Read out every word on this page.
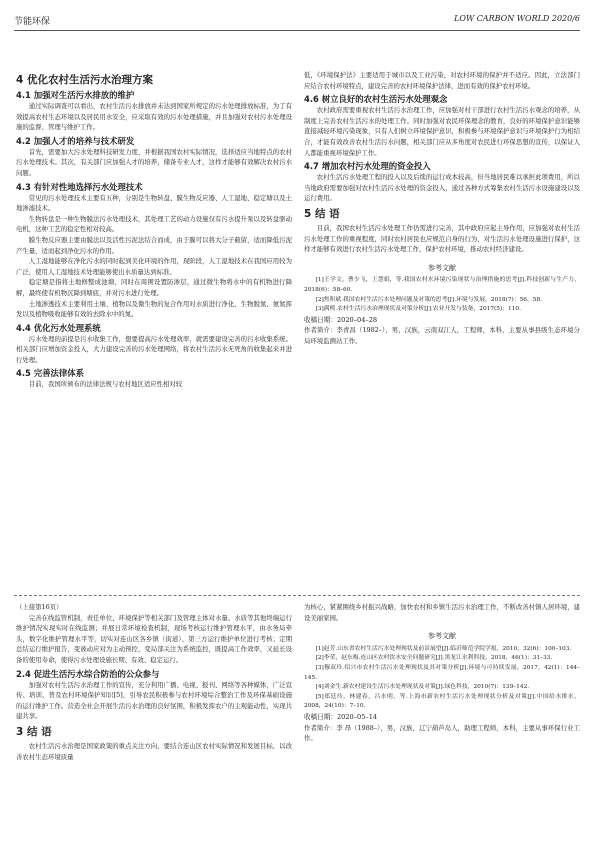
节能环保	LOW CARBON WORLD 2020/6
4 优化农村生活污水治理方案
4.1 加强对生活污水排放的维护

通过实际调查可以看出，农村生活污水排放并未达到国家所规定的污水处理排放标准，为了有效提高农村生态环境以及居民用水安全，应采取有效的污水处理措施，并且加强对农村污水处理设施的监督、管理与维护工作。

4.2 加强人才的培养与技术研发

首先，需要加大污水处理科技研发力度，并根据我国农村实际情况，选择适应当地特点的农村污水处理技术。其次，有关部门应加强人才的培养，储备专业人才，这样才能够有效解决农村污水问题。

4.3 有针对性地选择污水处理技术

常见的污水处理技术主要有五种，分别是生物转盘、膜生物反应器、人工湿地、稳定塘以及土地渗滤技术。

生物转盘是一种生物膜法污水处理技术，其处理工艺的动力设施仅有污水提升泵以及转盘驱动电机，这种工艺的稳定性相对较高。

膜生物反应器主要由膜法以及活性污泥法结合而成，由于膜可以将大分子截留，适而降低污泥产生量，适而起到净化污水的作用。

人工湿地能够在净化污水的同时起到美化环境的作用，现阶段，人工湿地技术在我国应用较为广泛，使用人工湿地技术处理能够使出水质量达到标准。

稳定塘是指将土地修整成池塘，同时在周围设置防渗层，通过微生物将水中的有机物进行降解，最终使有机物沉降到塘底，并对污水进行处理。

土地渗透技术主要利用土壤、植物以及微生物的复合作用对水质进行净化，生物脱氮、氨氮挥发以及植物吸收能够有效的去除水中的氮。

4.4 优化污水处理系统

污水处理的前提是污水收集工作，想要提高污水处理效率，就需要建设完善的污水收集系统。相关部门应增加资金投入，大力建设完善的污水处理网络，将农村生活污水无死角的收集起来并进行处理。

4.5 完善法律体系

目前，我国所颁布的法律法规与农村地区适应性相对较

低，《环境保护法》主要适用于城市以及工业污染，对农村环境的保护并不适应。因此，立法部门应结合农村环境特点，建设完善的农村环境保护法律，进而有效的保护农村环境。

4.6 树立良好的农村生活污水处理观念

农村政府需要重视农村生活污水治理工作，应加强对村干部进行农村生活污水观念的培养，从制度上完善农村生活污水的处理工作。同时加强对农民环保理念的教育，良好的环境保护意识能够直接减轻环境污染现象，只有人们树立环境保护意识，积极参与环境保护意识与环境保护行为相结合，才能有效改善农村生活污水问题，相关部门应从多角度对农民进行环保思想的宣传，以保证人人都能重视环境保护工作。

4.7 增加农村污水处理的资金投入

农村生活污水处理工程的投入以及后续的运行成本较高，但当地居民难以承担此项费用，所以当地政府需要加强对农村生活污水处理的资金投入，通过各种方式筹集农村生活污水设施建设以及运行费用。

5 结 语

目前，我国农村生活污水处理工作仍需进行完善，其中政府应起主导作用，应加强对农村生活污水处理工作的重视程度，同时农村居民也应规范自身的行为，对生活污水处理设施进行保护，这样才能够有效进行农村生活污水处理工作，保护农村环境，推动农村经济建设。

参考文献

[1]王学文，曹少飞，王慧娟，等.我国农村水环境污染现状与治理措施的思考[J].科技创新与生产力，2018(6)：58–60.

[2]焦积斌.我国农村生活污水处理问题及对策的思考[J].环境与发展，2018(7)：56，58.

[3]满熙.农村生活污水治理现状及对策分析[J].农业开发与装备，2017(5)：110.

收稿日期：2020–04–28

作者简介：李青昌（1982–），男，汉族，云南双江人，工程师，本科，主要从事县级生态环境分局环境监测站工作。

（上接第16页）

完善在线监管机制，责任单位、环境保护等相关部门及管理主体对水量、水质等其他终端运行维护情况实现实时在线监测；并展日常环境检查机制，现场考核运行维护管理水平，由水务局牵头，数字化维护管理水平等，切实对连山区各乡镇（街道）、第三方运行维护单位进行考核；定期总结运行维护报告，变被动应对为主动预控，变局部关注为系统监控，既提高工作效率，又延长设备的使用寿命，使得污水处理设施长期、有效、稳定运行。

2.4 促进生活污水综合防治的公众参与

加强对农村生活污水治理工作的宣传，充分利用广播、电视、报刊、网络等各种媒体，广泛宣传、培训、普及农村环境保护知识[5]，引导农民积极参与农村环境综合整治工作及环保基础设施的运行维护工作。营造全社会开展生活污水治理的良好氛围，积极发挥农户的主观能动性，实现共建共享。

3 结 语

农村生活污水治理是国家政策的重点关注方向，要结合连山区农村实际情况和发展目标，以改善农村生态环境质量

为核心，紧紧围绕乡村振兴战略，加快农村和乡镇生活污水治理工作，不断改善村镇人居环境，建设美丽家园。

参考文献

[1]赵芳.山东省农村生活污水处理现状及前景展望[J].临沂师范学院学报，2010，32(6)：100–103.

[2]李荣，赵东梅.连山区农村饮水安全问题研究[J].黑龙江水利科技，2018，46(1)：31–33.

[3]穆双玲.绍兴市农村生活污水处理现状及其对策分析[J].环境与可持续发展，2017，42(1)：144–145.

[4]刘金生.新农村建设生活污水处理现状及对策[J].绿色科技，2010(7)：139–142.

[5]郑廷玲，林建春，吕水明，等.上海市新农村生活污水处理现状分析及对策[J].中国给水排水，2008，24(10)：7–10.

收稿日期：2020–05–14

作者简介：李 昂（1988–），男，汉族，辽宁葫芦岛人，助理工程师，本科，主要从事环保行业工作。
